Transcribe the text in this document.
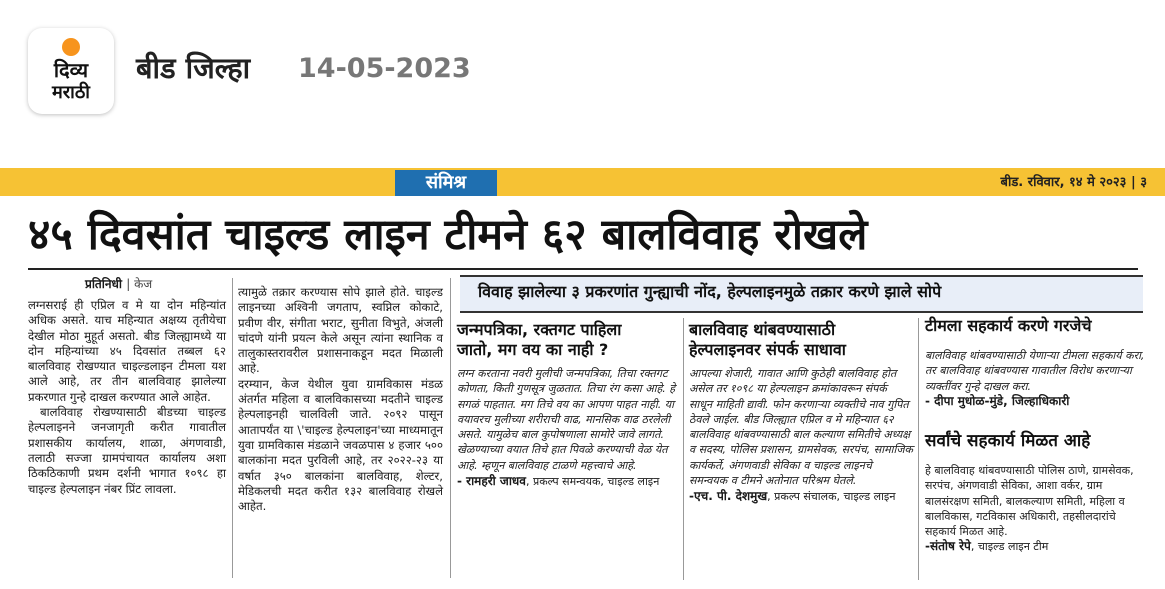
दिव्य
मराठी
बीड जिल्हा 14-05-2023
संमिश्र	बीड. रविवार, १४ मे २०२३ | ३
४५ दिवसांत चाइल्ड लाइन टीमने ६२ बालविवाह रोखले
प्रतिनिधी | केज

लग्नसराई ही एप्रिल व मे या दोन महिन्यांत अधिक असते. याच महिन्यात अक्षय्य तृतीयेचा देखील मोठा मुहूर्त असतो. बीड जिल्ह्यामध्ये या दोन महिन्यांच्या ४५ दिवसांत तब्बल ६२ बालविवाह रोखण्यात चाइल्डलाइन टीमला यश आले आहे, तर तीन बालविवाह झालेल्या प्रकरणात गुन्हे दाखल करण्यात आले आहेत.

बालविवाह रोखण्यासाठी बीडच्या चाइल्ड हेल्पलाइनने जनजागृती करीत गावातील प्रशासकीय कार्यालय, शाळा, अंगणवाडी, तलाठी सज्जा ग्रामपंचायत कार्यालय अशा ठिकठिकाणी प्रथम दर्शनी भागात १०९८ हा चाइल्ड हेल्पलाइन नंबर प्रिंट लावला.

त्यामुळे तक्रार करण्यास सोपे झाले होते. चाइल्ड लाइनच्या अश्विनी जगताप, स्वप्निल कोकाटे, प्रवीण वीर, संगीता भराट, सुनीता विभुते, अंजली चांदणे यांनी प्रयत्न केले असून त्यांना स्थानिक व तालुकास्तरावरील प्रशासनाकडून मदत मिळाली आहे.

दरम्यान, केज येथील युवा ग्रामविकास मंडळ अंतर्गत महिला व बालविकासच्या मदतीने चाइल्ड हेल्पलाइनही चालविली जाते. २०९२ पासून आतापर्यंत या \'चाइल्ड हेल्पलाइन'च्या माध्यमातून युवा ग्रामविकास मंडळाने जवळपास ४ हजार ५०० बालकांना मदत पुरविली आहे, तर २०२२-२३ या वर्षात ३५० बालकांना बालविवाह, शेल्टर, मेडिकलची मदत करीत १३२ बालविवाह रोखले आहेत.

विवाह झालेल्या ३ प्रकरणांत गुन्ह्याची नोंद, हेल्पलाइनमुळे तक्रार करणे झाले सोपे
जन्मपत्रिका, रक्तगट पाहिला
जातो, मग वय का नाही ?
लग्न करताना नवरी मुलीची जन्मपत्रिका, तिचा रक्तगट कोणता, किती गुणसूत्र जुळतात. तिचा रंग कसा आहे. हे सगळं पाहतात. मग तिचे वय का आपण पाहत नाही. या वयावरच मुलीच्या शरीराची वाढ, मानसिक वाढ ठरलेली असते. यामुळेच बाल कुपोषणाला सामोरे जावे लागते. खेळण्याच्या वयात तिचे हात पिवळे करण्याची वेळ येत आहे. म्हणून बालविवाह टाळणे महत्त्वाचे आहे.
- रामहरी जाधव, प्रकल्प समन्वयक, चाइल्ड लाइन
बालविवाह थांबवण्यासाठी
हेल्पलाइनवर संपर्क साधावा
आपल्या शेजारी, गावात आणि कुठेही बालविवाह होत असेल तर १०९८ या हेल्पलाइन क्रमांकावरून संपर्क साधून माहिती द्यावी. फोन करणाऱ्या व्यक्तीचे नाव गुपित ठेवले जाईल. बीड जिल्ह्यात एप्रिल व मे महिन्यात ६२ बालविवाह थांबवण्यासाठी बाल कल्याण समितीचे अध्यक्ष व सदस्य, पोलिस प्रशासन, ग्रामसेवक, सरपंच, सामाजिक कार्यकर्ते, अंगणवाडी सेविका व चाइल्ड लाइनचे समन्वयक व टीमने अतोनात परिश्रम घेतले.
-एच. पी. देशमुख, प्रकल्प संचालक, चाइल्ड लाइन
टीमला सहकार्य करणे गरजेचे
बालविवाह थांबवण्यासाठी येणाऱ्या टीमला सहकार्य करा, तर बालविवाह थांबवण्यास गावातील विरोध करणाऱ्या व्यक्तींवर गुन्हे दाखल करा.
- दीपा मुधोळ-मुंडे, जिल्हाधिकारी
सर्वांचे सहकार्य मिळत आहे
हे बालविवाह थांबवण्यासाठी पोलिस ठाणे, ग्रामसेवक, सरपंच, अंगणवाडी सेविका, आशा वर्कर, ग्राम बालसंरक्षण समिती, बालकल्याण समिती, महिला व बालविकास, गटविकास अधिकारी, तहसीलदारांचे सहकार्य मिळत आहे.
-संतोष रेपे, चाइल्ड लाइन टीम
